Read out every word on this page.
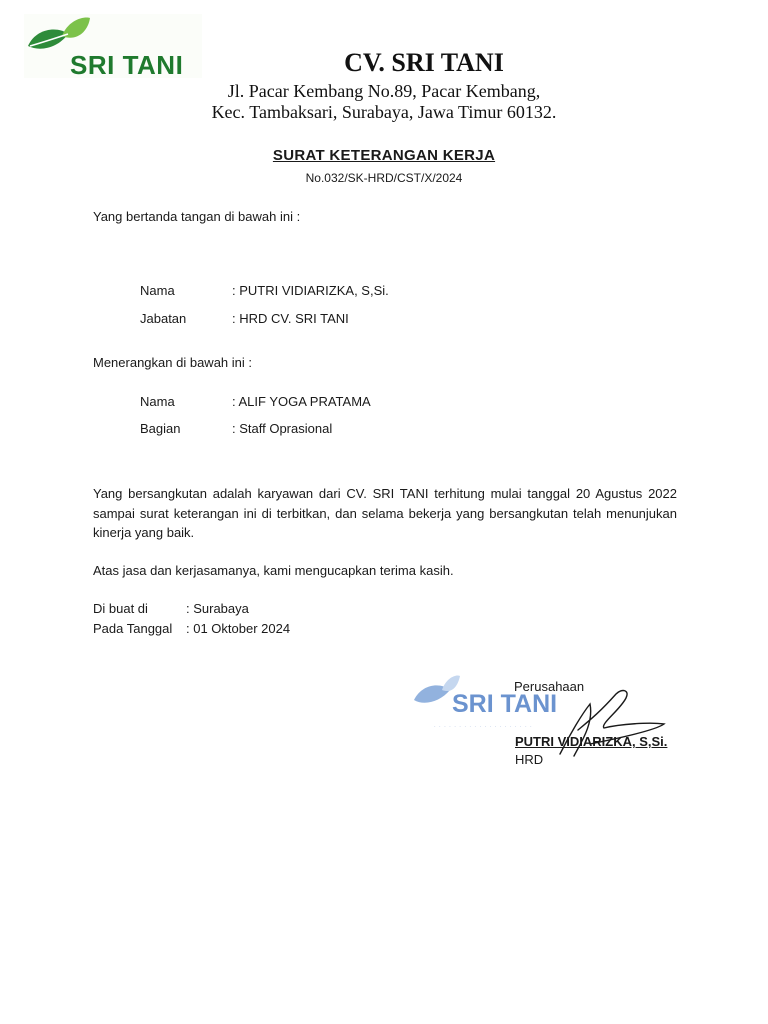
SRI TANI	CV. SRI TANI
Jl. Pacar Kembang No.89, Pacar Kembang,
Kec. Tambaksari, Surabaya, Jawa Timur 60132.
SURAT KETERANGAN KERJA
No.032/SK-HRD/CST/X/2024
Yang bertanda tangan di bawah ini :
Nama	: PUTRI VIDIARIZKA, S,Si.
Jabatan	: HRD CV. SRI TANI
Menerangkan di bawah ini :
Nama	: ALIF YOGA PRATAMA
Bagian	: Staff Oprasional
Yang bersangkutan adalah karyawan dari CV. SRI TANI terhitung mulai tanggal 20 Agustus 2022 sampai surat keterangan ini di terbitkan, dan selama bekerja yang bersangkutan telah menunjukan kinerja yang baik.
Atas jasa dan kerjasamanya, kami mengucapkan terima kasih.
Di buat di	: Surabaya
Pada Tanggal : 01 Oktober 2024
Perusahaan
SRI TANI
· · · · · · · · · · · · · · · · · · · ·
PUTRI VIDIARIZKA, S,Si.
HRD
